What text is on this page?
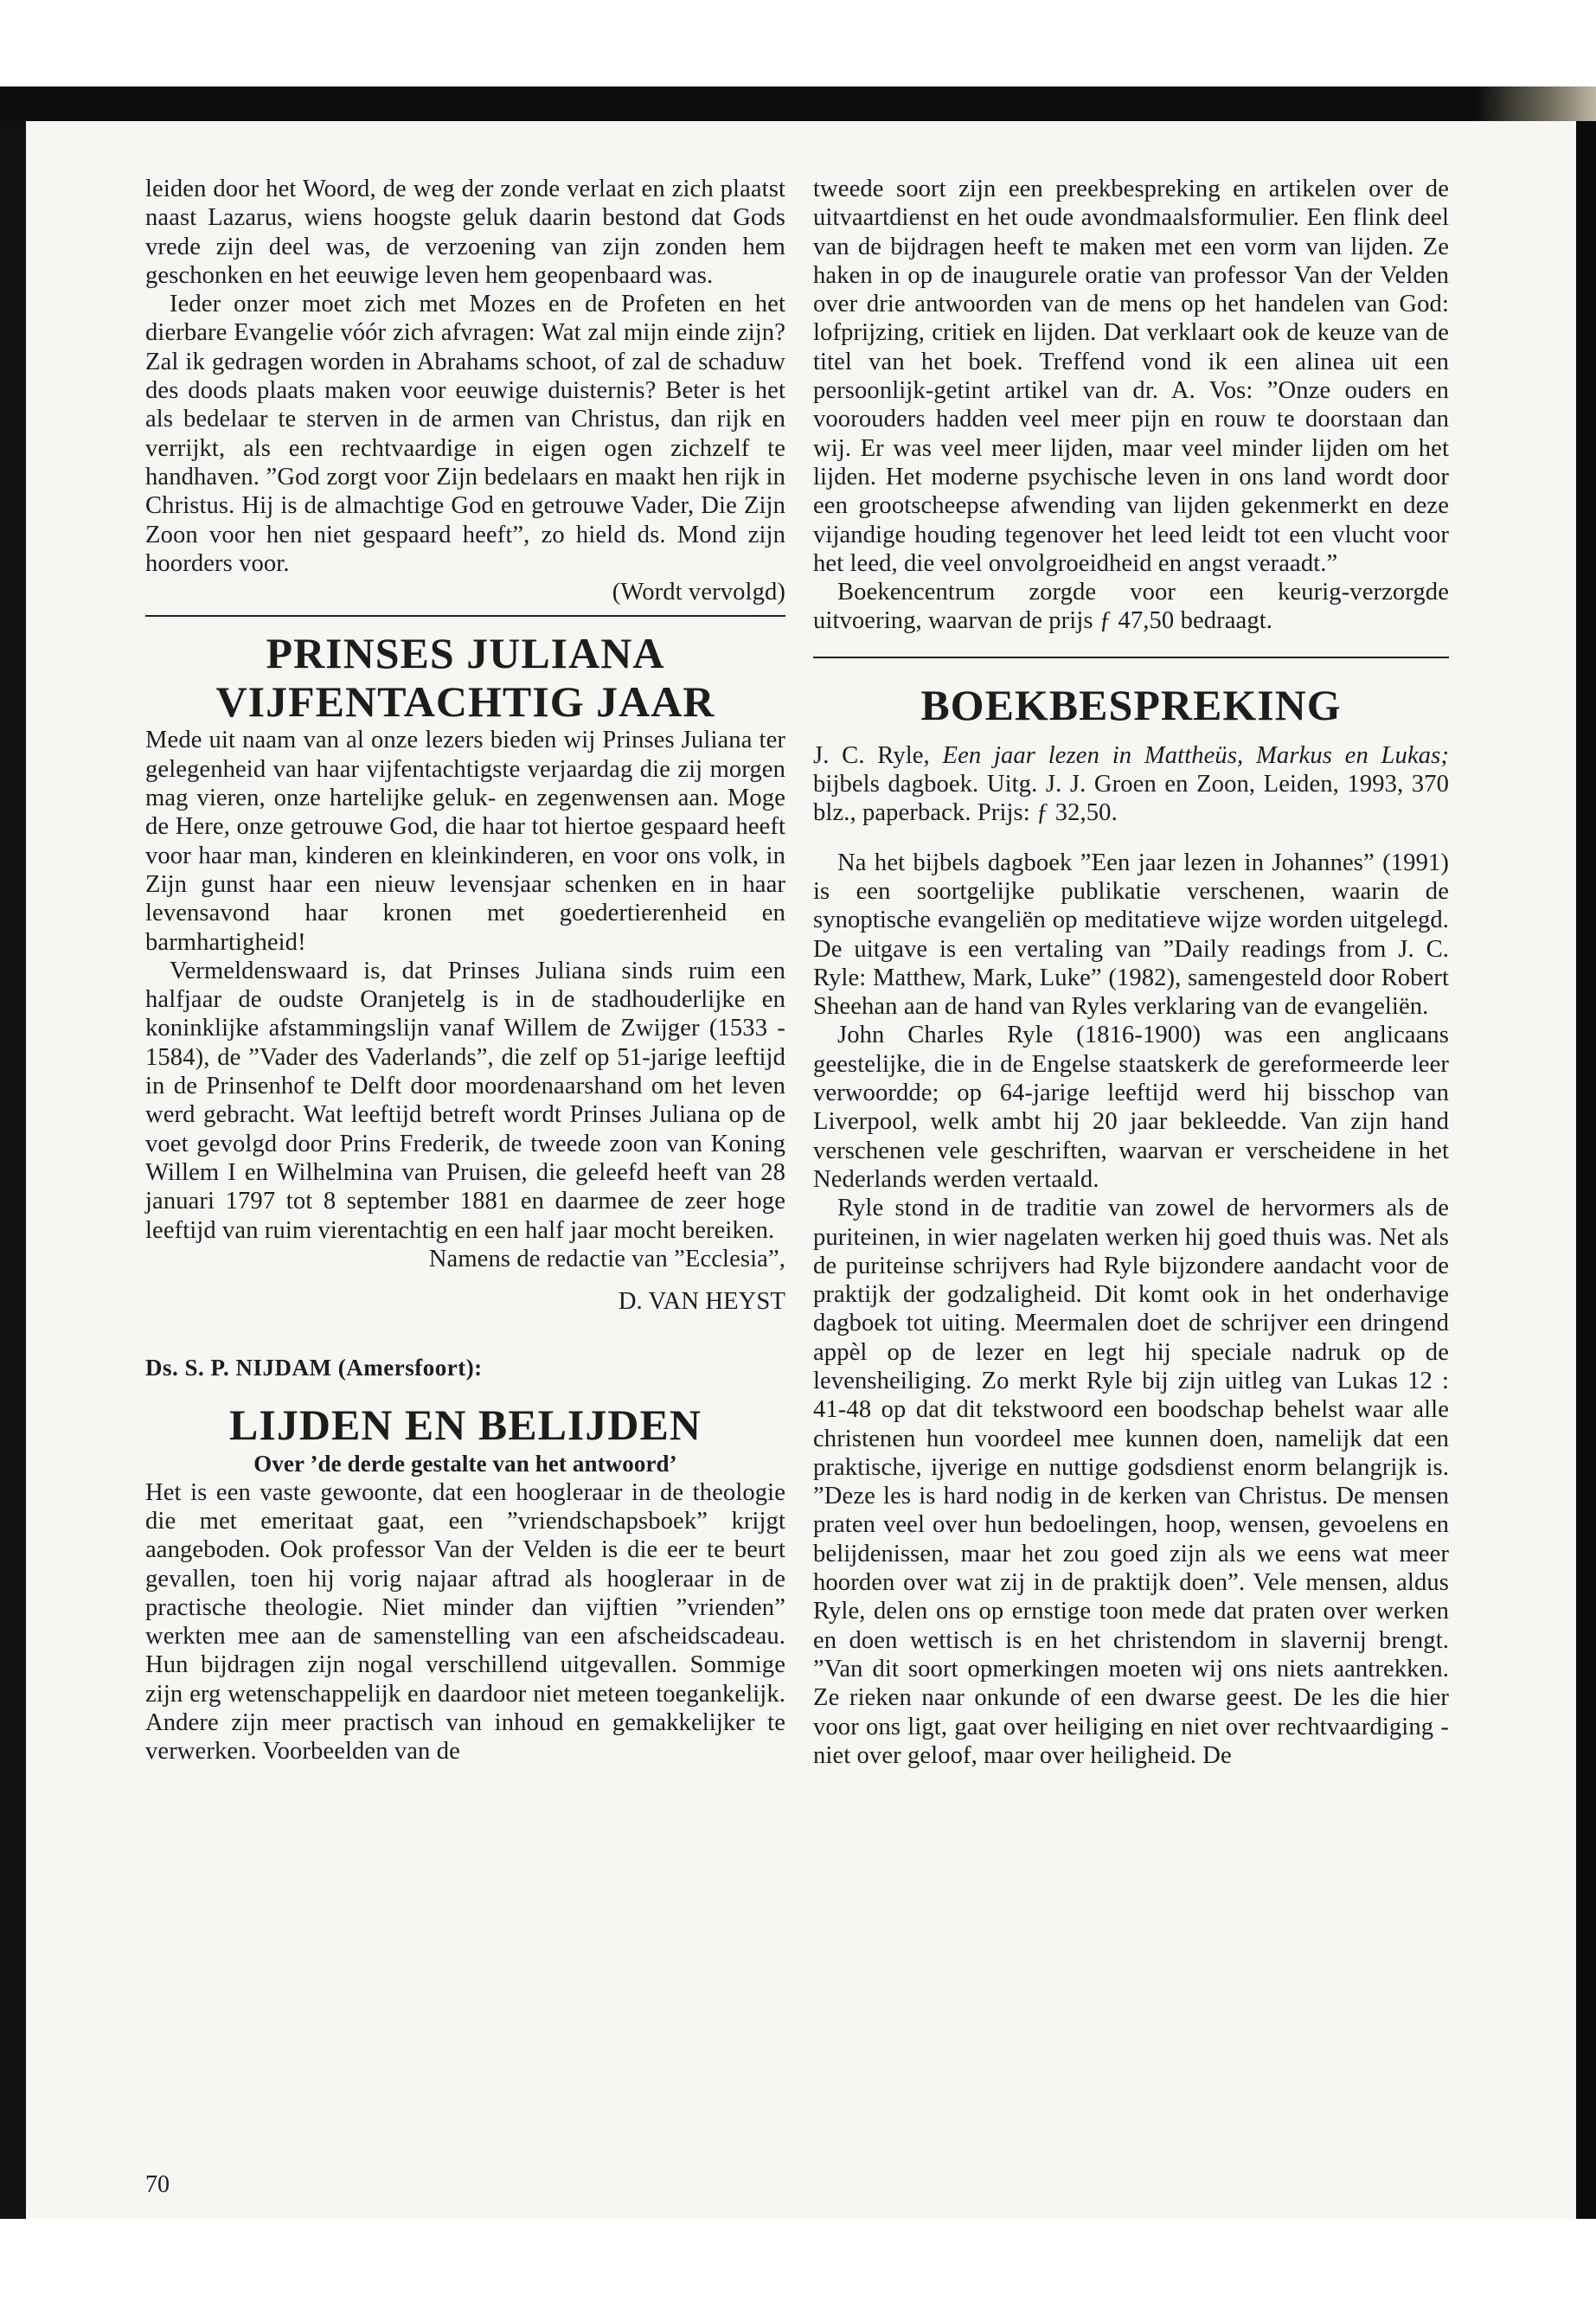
leiden door het Woord, de weg der zonde verlaat en zich plaatst naast Lazarus, wiens hoogste geluk daarin bestond dat Gods vrede zijn deel was, de verzoening van zijn zonden hem geschonken en het eeuwige leven hem geopenbaard was.

Ieder onzer moet zich met Mozes en de Profeten en het dierbare Evangelie vóór zich afvragen: Wat zal mijn einde zijn? Zal ik gedragen worden in Abrahams schoot, of zal de schaduw des doods plaats maken voor eeuwige duisternis? Beter is het als bedelaar te sterven in de armen van Christus, dan rijk en verrijkt, als een rechtvaardige in eigen ogen zichzelf te handhaven. ”God zorgt voor Zijn bedelaars en maakt hen rijk in Christus. Hij is de almachtige God en getrouwe Vader, Die Zijn Zoon voor hen niet gespaard heeft”, zo hield ds. Mond zijn hoorders voor.

(Wordt vervolgd)

PRINSES JULIANA
VIJFENTACHTIG JAAR

Mede uit naam van al onze lezers bieden wij Prinses Juliana ter gelegenheid van haar vijfentachtigste verjaardag die zij morgen mag vieren, onze hartelijke geluk- en zegenwensen aan. Moge de Here, onze getrouwe God, die haar tot hiertoe gespaard heeft voor haar man, kinderen en kleinkinderen, en voor ons volk, in Zijn gunst haar een nieuw levensjaar schenken en in haar levensavond haar kronen met goedertierenheid en barmhartigheid!

Vermeldenswaard is, dat Prinses Juliana sinds ruim een halfjaar de oudste Oranjetelg is in de stadhouderlijke en koninklijke afstammingslijn vanaf Willem de Zwijger (1533 - 1584), de ”Vader des Vaderlands”, die zelf op 51-jarige leeftijd in de Prinsenhof te Delft door moordenaarshand om het leven werd gebracht. Wat leeftijd betreft wordt Prinses Juliana op de voet gevolgd door Prins Frederik, de tweede zoon van Koning Willem I en Wilhelmina van Pruisen, die geleefd heeft van 28 januari 1797 tot 8 september 1881 en daarmee de zeer hoge leeftijd van ruim vierentachtig en een half jaar mocht bereiken.

Namens de redactie van ”Ecclesia”,

D. VAN HEYST

Ds. S. P. NIJDAM (Amersfoort):
LIJDEN EN BELIJDEN
Over ’de derde gestalte van het antwoord’

Het is een vaste gewoonte, dat een hoogleraar in de theologie die met emeritaat gaat, een ”vriendschapsboek” krijgt aangeboden. Ook professor Van der Velden is die eer te beurt gevallen, toen hij vorig najaar aftrad als hoogleraar in de practische theologie. Niet minder dan vijftien ”vrienden” werkten mee aan de samenstelling van een afscheidscadeau. Hun bijdragen zijn nogal verschillend uitgevallen. Sommige zijn erg wetenschappelijk en daardoor niet meteen toegankelijk. Andere zijn meer practisch van inhoud en gemakkelijker te verwerken. Voorbeelden van de

70

tweede soort zijn een preekbespreking en artikelen over de uitvaartdienst en het oude avondmaalsformulier. Een flink deel van de bijdragen heeft te maken met een vorm van lijden. Ze haken in op de inaugurele oratie van professor Van der Velden over drie antwoorden van de mens op het handelen van God: lofprijzing, critiek en lijden. Dat verklaart ook de keuze van de titel van het boek. Treffend vond ik een alinea uit een persoonlijk-getint artikel van dr. A. Vos: ”Onze ouders en voorouders hadden veel meer pijn en rouw te doorstaan dan wij. Er was veel meer lijden, maar veel minder lijden om het lijden. Het moderne psychische leven in ons land wordt door een grootscheepse afwending van lijden gekenmerkt en deze vijandige houding tegenover het leed leidt tot een vlucht voor het leed, die veel onvolgroeidheid en angst veraadt.”

Boekencentrum zorgde voor een keurig-verzorgde uitvoering, waarvan de prijs ƒ 47,50 bedraagt.

BOEKBESPREKING

J. C. Ryle, Een jaar lezen in Mattheüs, Markus en Lukas; bijbels dagboek. Uitg. J. J. Groen en Zoon, Leiden, 1993, 370 blz., paperback. Prijs: ƒ 32,50.

Na het bijbels dagboek ”Een jaar lezen in Johannes” (1991) is een soortgelijke publikatie verschenen, waarin de synoptische evangeliën op meditatieve wijze worden uitgelegd. De uitgave is een vertaling van ”Daily readings from J. C. Ryle: Matthew, Mark, Luke” (1982), samengesteld door Robert Sheehan aan de hand van Ryles verklaring van de evangeliën.

John Charles Ryle (1816-1900) was een anglicaans geestelijke, die in de Engelse staatskerk de gereformeerde leer verwoordde; op 64-jarige leeftijd werd hij bisschop van Liverpool, welk ambt hij 20 jaar bekleedde. Van zijn hand verschenen vele geschriften, waarvan er verscheidene in het Nederlands werden vertaald.

Ryle stond in de traditie van zowel de hervormers als de puriteinen, in wier nagelaten werken hij goed thuis was. Net als de puriteinse schrijvers had Ryle bijzondere aandacht voor de praktijk der godzaligheid. Dit komt ook in het onderhavige dagboek tot uiting. Meermalen doet de schrijver een dringend appèl op de lezer en legt hij speciale nadruk op de levensheiliging. Zo merkt Ryle bij zijn uitleg van Lukas 12 : 41-48 op dat dit tekstwoord een boodschap behelst waar alle christenen hun voordeel mee kunnen doen, namelijk dat een praktische, ijverige en nuttige godsdienst enorm belangrijk is. ”Deze les is hard nodig in de kerken van Christus. De mensen praten veel over hun bedoelingen, hoop, wensen, gevoelens en belijdenissen, maar het zou goed zijn als we eens wat meer hoorden over wat zij in de praktijk doen”. Vele mensen, aldus Ryle, delen ons op ernstige toon mede dat praten over werken en doen wettisch is en het christendom in slavernij brengt. ”Van dit soort opmerkingen moeten wij ons niets aantrekken. Ze rieken naar onkunde of een dwarse geest. De les die hier voor ons ligt, gaat over heiliging en niet over rechtvaardiging - niet over geloof, maar over heiligheid. De
